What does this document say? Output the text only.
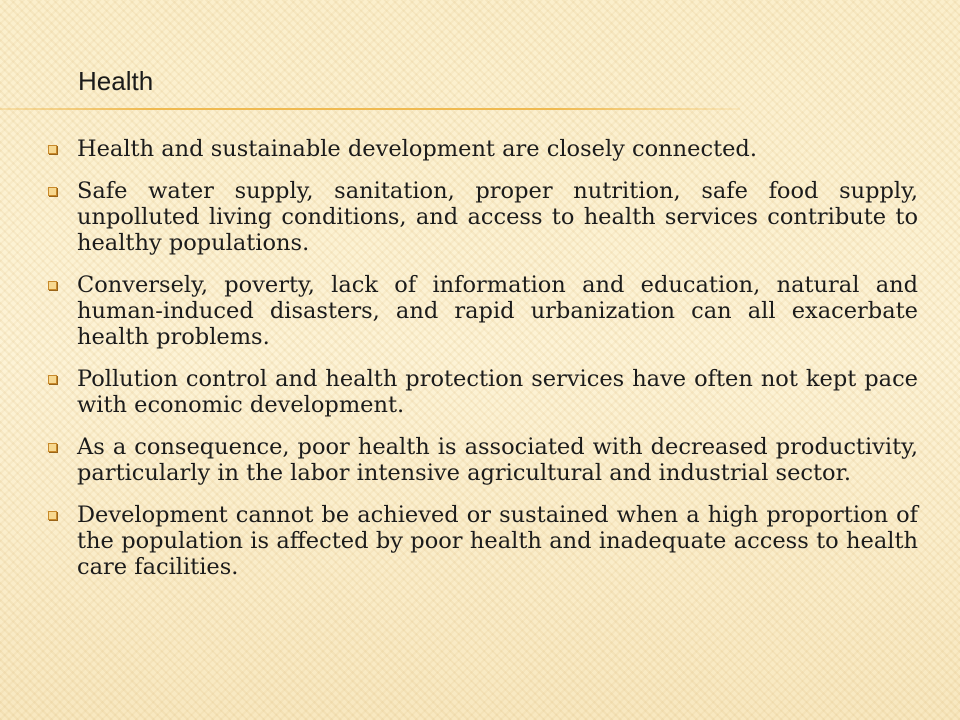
Health
Health and sustainable development are closely connected.
Safe water supply, sanitation, proper nutrition, safe food supply, unpolluted living conditions, and access to health services contribute to healthy populations.
Conversely, poverty, lack of information and education, natural and human-induced disasters, and rapid urbanization can all exacerbate health problems.
Pollution control and health protection services have often not kept pace with economic development.
As a consequence, poor health is associated with decreased productivity, particularly in the labor intensive agricultural and industrial sector.
Development cannot be achieved or sustained when a high proportion of the population is affected by poor health and inadequate access to health care facilities.
